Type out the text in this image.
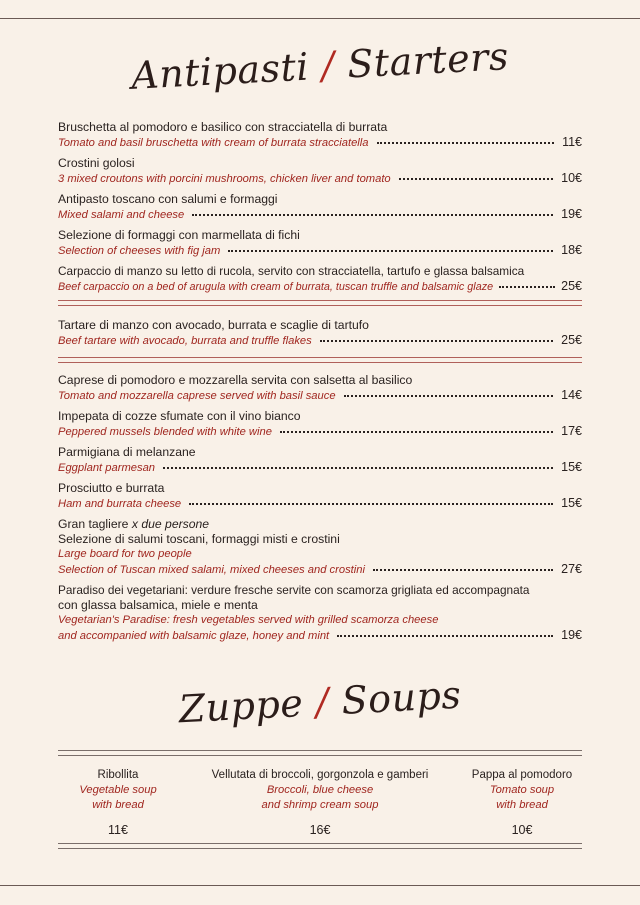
Antipasti / Starters
Bruschetta al pomodoro e basilico con stracciatella di burrata
Tomato and basil bruschetta with cream of burrata stracciatella	11€
Crostini golosi
3 mixed croutons with porcini mushrooms, chicken liver and tomato	10€
Antipasto toscano con salumi e formaggi
Mixed salami and cheese	19€
Selezione di formaggi con marmellata di fichi
Selection of cheeses with fig jam	18€
Carpaccio di manzo su letto di rucola, servito con stracciatella, tartufo e glassa balsamica
Beef carpaccio on a bed of arugula with cream of burrata, tuscan truffle and balsamic glaze	25€
Tartare di manzo con avocado, burrata e scaglie di tartufo
Beef tartare with avocado, burrata and truffle flakes	25€
Caprese di pomodoro e mozzarella servita con salsetta al basilico
Tomato and mozzarella caprese served with basil sauce	14€
Impepata di cozze sfumate con il vino bianco
Peppered mussels blended with white wine	17€
Parmigiana di melanzane
Eggplant parmesan	15€
Prosciutto e burrata
Ham and burrata cheese	15€
Gran tagliere x due persone
Selezione di salumi toscani, formaggi misti e crostini
Large board for two people
Selection of Tuscan mixed salami, mixed cheeses and crostini	27€
Paradiso dei vegetariani: verdure fresche servite con scamorza grigliata ed accompagnata
con glassa balsamica, miele e menta
Vegetarian's Paradise: fresh vegetables served with grilled scamorza cheese
and accompanied with balsamic glaze, honey and mint	19€
Zuppe / Soups
Ribollita
Vegetable soup
with bread
11€
Vellutata di broccoli, gorgonzola e gamberi
Broccoli, blue cheese
and shrimp cream soup
16€
Pappa al pomodoro
Tomato soup
with bread
10€
